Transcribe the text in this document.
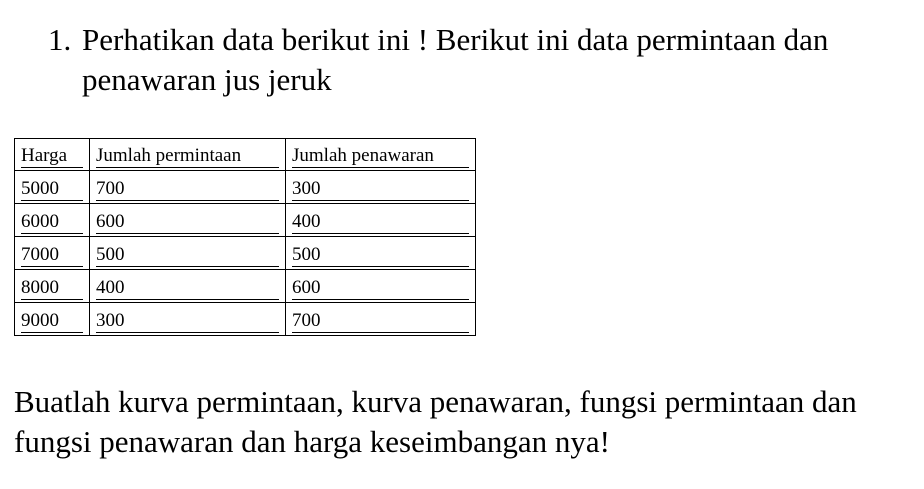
1. Perhatikan data berikut ini ! Berikut ini data permintaan dan penawaran jus jeruk
Harga	Jumlah permintaan	Jumlah penawaran

5000	700	300

6000	600	400

7000	500	500

8000	400	600

9000	300	700
Buatlah kurva permintaan, kurva penawaran, fungsi permintaan dan fungsi penawaran dan harga keseimbangan nya!
